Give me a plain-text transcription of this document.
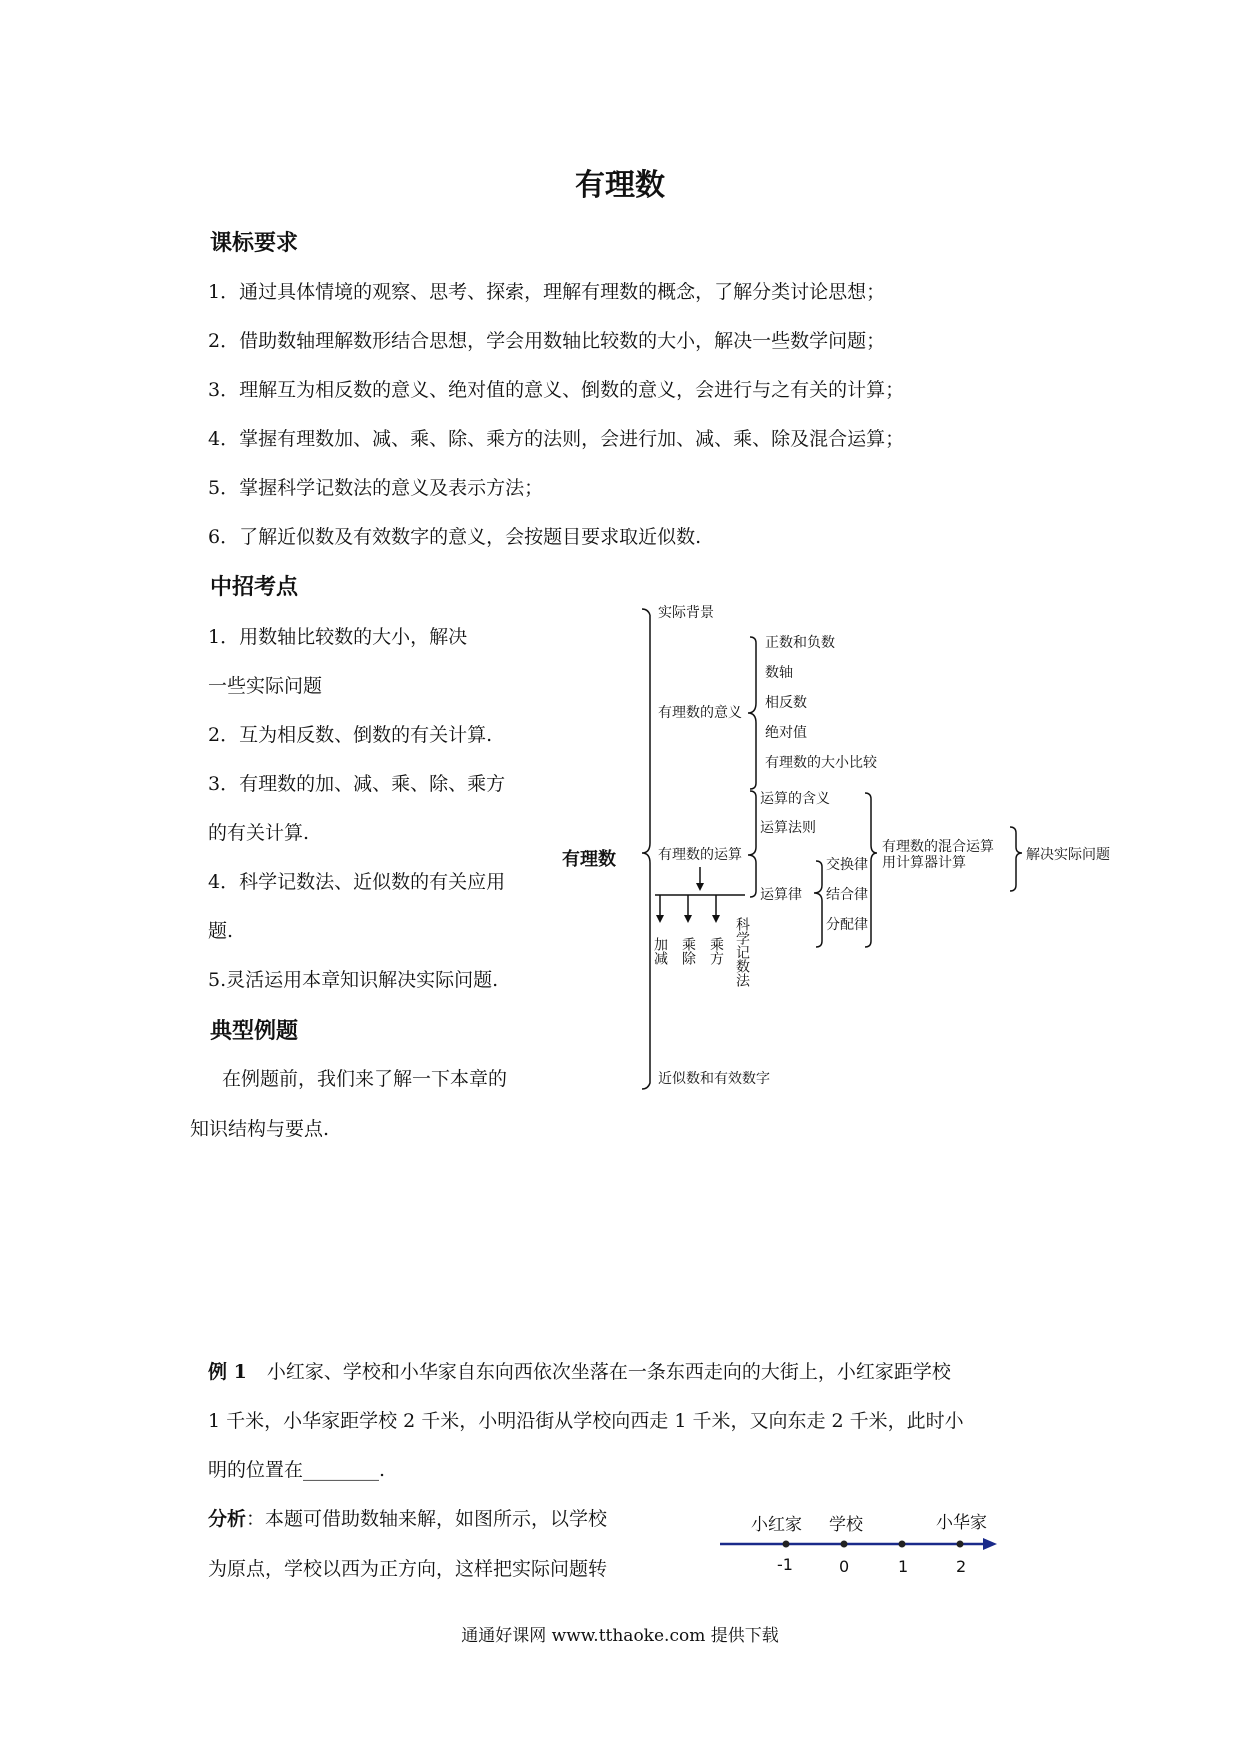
有理数
课标要求
1．通过具体情境的观察、思考、探索，理解有理数的概念，了解分类讨论思想；
2．借助数轴理解数形结合思想，学会用数轴比较数的大小，解决一些数学问题；
3．理解互为相反数的意义、绝对值的意义、倒数的意义，会进行与之有关的计算；
4．掌握有理数加、减、乘、除、乘方的法则，会进行加、减、乘、除及混合运算；
5．掌握科学记数法的意义及表示方法；
6．了解近似数及有效数字的意义，会按题目要求取近似数.
中招考点
1．用数轴比较数的大小，解决
一些实际问题
2．互为相反数、倒数的有关计算.
3．有理数的加、减、乘、除、乘方
的有关计算.
4．科学记数法、近似数的有关应用
题.
5.灵活运用本章知识解决实际问题.
典型例题
在例题前，我们来了解一下本章的
知识结构与要点.
有理数
实际背景
有理数的意义
正数和负数
数轴
相反数
绝对值
有理数的大小比较
有理数的运算
运算的含义
运算法则
运算律
交换律
结合律
分配律
有理数的混合运算
用计算器计算	解决实际问题
加减 乘除 乘方 科学记数法
近似数和有效数字
例 1 小红家、学校和小华家自东向西依次坐落在一条东西走向的大街上，小红家距学校
1 千米，小华家距学校 2 千米，小明沿街从学校向西走 1 千米，又向东走 2 千米，此时小
明的位置在________.
分析：本题可借助数轴来解，如图所示，以学校
为原点，学校以西为正方向，这样把实际问题转
小红家 学校	小华家
-1	0	1	2
通通好课网 www.tthaoke.com 提供下载
